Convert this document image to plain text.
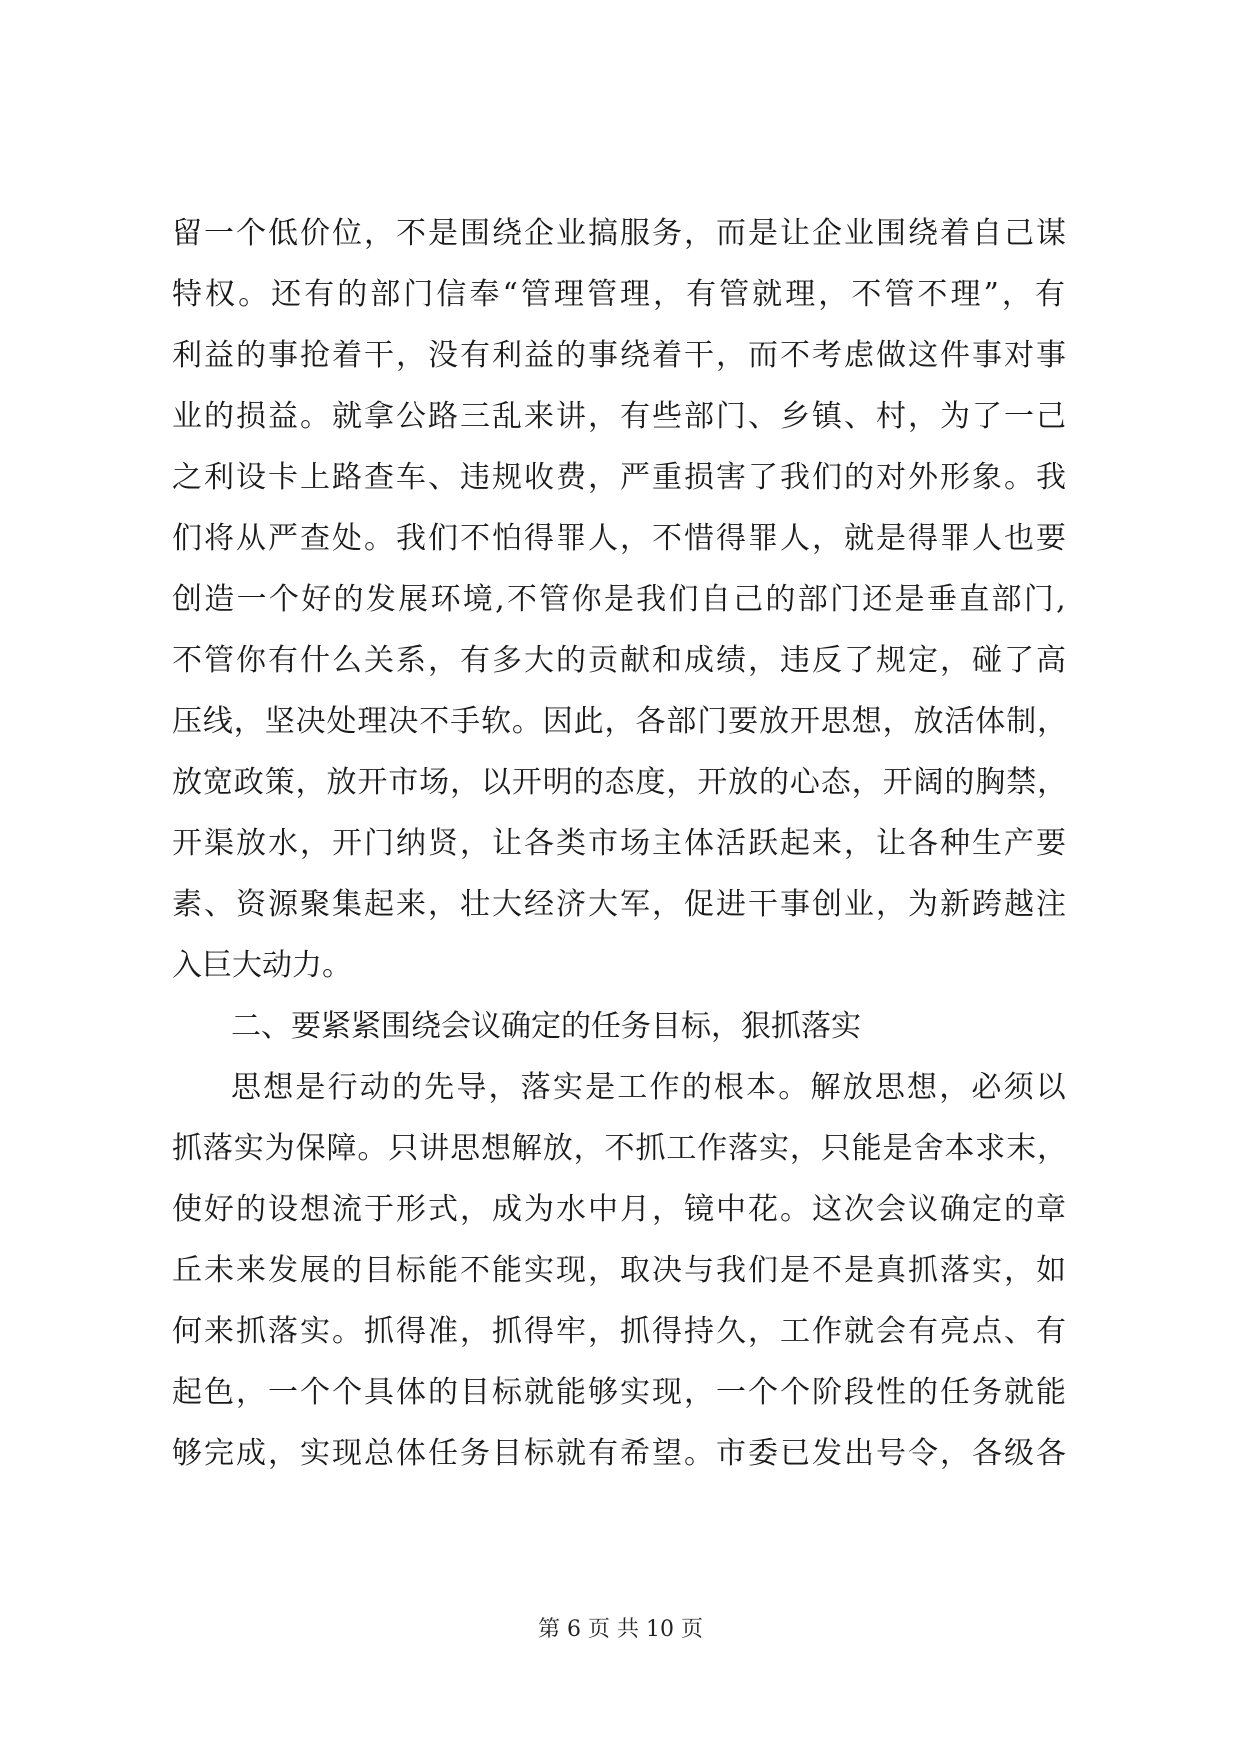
留一个低价位，不是围绕企业搞服务，而是让企业围绕着自己谋
特权。还有的部门信奉“管理管理，有管就理，不管不理”，有
利益的事抢着干，没有利益的事绕着干，而不考虑做这件事对事
业的损益。就拿公路三乱来讲，有些部门、乡镇、村，为了一己
之利设卡上路查车、违规收费，严重损害了我们的对外形象。我
们将从严查处。我们不怕得罪人，不惜得罪人，就是得罪人也要
创造一个好的发展环境,不管你是我们自己的部门还是垂直部门,
不管你有什么关系，有多大的贡献和成绩，违反了规定，碰了高
压线，坚决处理决不手软。因此，各部门要放开思想，放活体制，
放宽政策，放开市场，以开明的态度，开放的心态，开阔的胸禁，
开渠放水，开门纳贤，让各类市场主体活跃起来，让各种生产要
素、资源聚集起来，壮大经济大军，促进干事创业，为新跨越注
入巨大动力。
二、要紧紧围绕会议确定的任务目标，狠抓落实
思想是行动的先导，落实是工作的根本。解放思想，必须以
抓落实为保障。只讲思想解放，不抓工作落实，只能是舍本求末，
使好的设想流于形式，成为水中月，镜中花。这次会议确定的章
丘未来发展的目标能不能实现，取决与我们是不是真抓落实，如
何来抓落实。抓得准，抓得牢，抓得持久，工作就会有亮点、有
起色，一个个具体的目标就能够实现，一个个阶段性的任务就能
够完成，实现总体任务目标就有希望。市委已发出号令，各级各
第 6 页 共 10 页
